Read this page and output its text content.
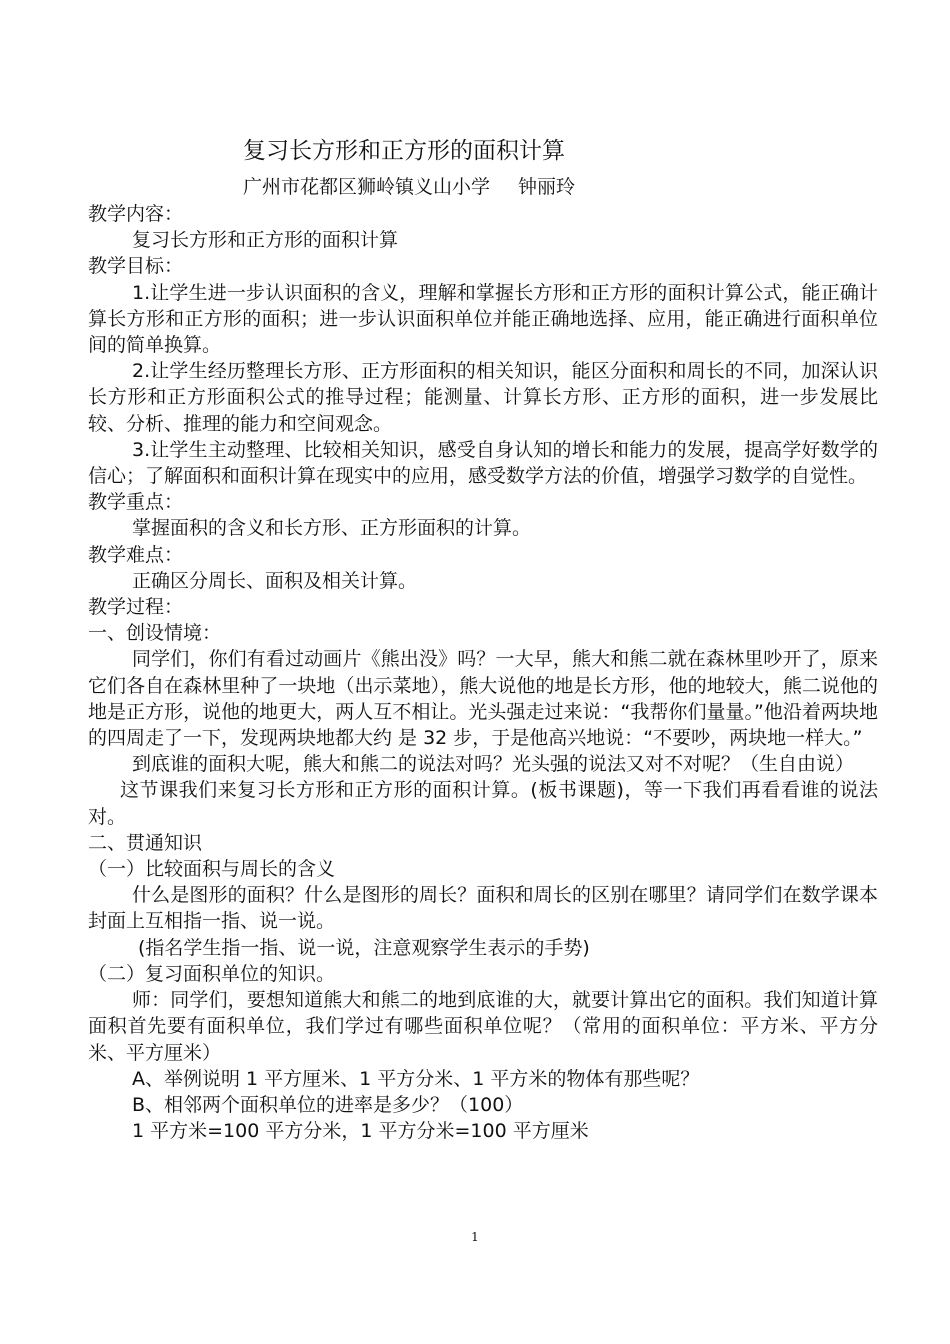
复习长方形和正方形的面积计算
广州市花都区狮岭镇义山小学 钟丽玲

教学内容：

复习长方形和正方形的面积计算

教学目标：

1.让学生进一步认识面积的含义，理解和掌握长方形和正方形的面积计算公式，能正确计算长方形和正方形的面积；进一步认识面积单位并能正确地选择、应用，能正确进行面积单位间的简单换算。

2.让学生经历整理长方形、正方形面积的相关知识，能区分面积和周长的不同，加深认识长方形和正方形面积公式的推导过程；能测量、计算长方形、正方形的面积，进一步发展比较、分析、推理的能力和空间观念。

3.让学生主动整理、比较相关知识，感受自身认知的增长和能力的发展，提高学好数学的信心；了解面积和面积计算在现实中的应用，感受数学方法的价值，增强学习数学的自觉性。

教学重点：

掌握面积的含义和长方形、正方形面积的计算。

教学难点：

正确区分周长、面积及相关计算。

教学过程：

一、创设情境：

同学们，你们有看过动画片《熊出没》吗？一大早，熊大和熊二就在森林里吵开了，原来它们各自在森林里种了一块地（出示菜地），熊大说他的地是长方形，他的地较大，熊二说他的地是正方形，说他的地更大，两人互不相让。光头强走过来说：“我帮你们量量。”他沿着两块地的四周走了一下，发现两块地都大约 是 32 步，于是他高兴地说：“不要吵，两块地一样大。”

到底谁的面积大呢，熊大和熊二的说法对吗？光头强的说法又对不对呢？（生自由说）

这节课我们来复习长方形和正方形的面积计算。(板书课题)，等一下我们再看看谁的说法对。

二、贯通知识

（一）比较面积与周长的含义

什么是图形的面积？什么是图形的周长？面积和周长的区别在哪里？请同学们在数学课本封面上互相指一指、说一说。

(指名学生指一指、说一说，注意观察学生表示的手势)

（二）复习面积单位的知识。

师：同学们，要想知道熊大和熊二的地到底谁的大，就要计算出它的面积。我们知道计算面积首先要有面积单位，我们学过有哪些面积单位呢？（常用的面积单位：平方米、平方分米、平方厘米）

A、举例说明 1 平方厘米、1 平方分米、1 平方米的物体有那些呢？

B、相邻两个面积单位的进率是多少？（100）

1 平方米=100 平方分米，1 平方分米=100 平方厘米

1
